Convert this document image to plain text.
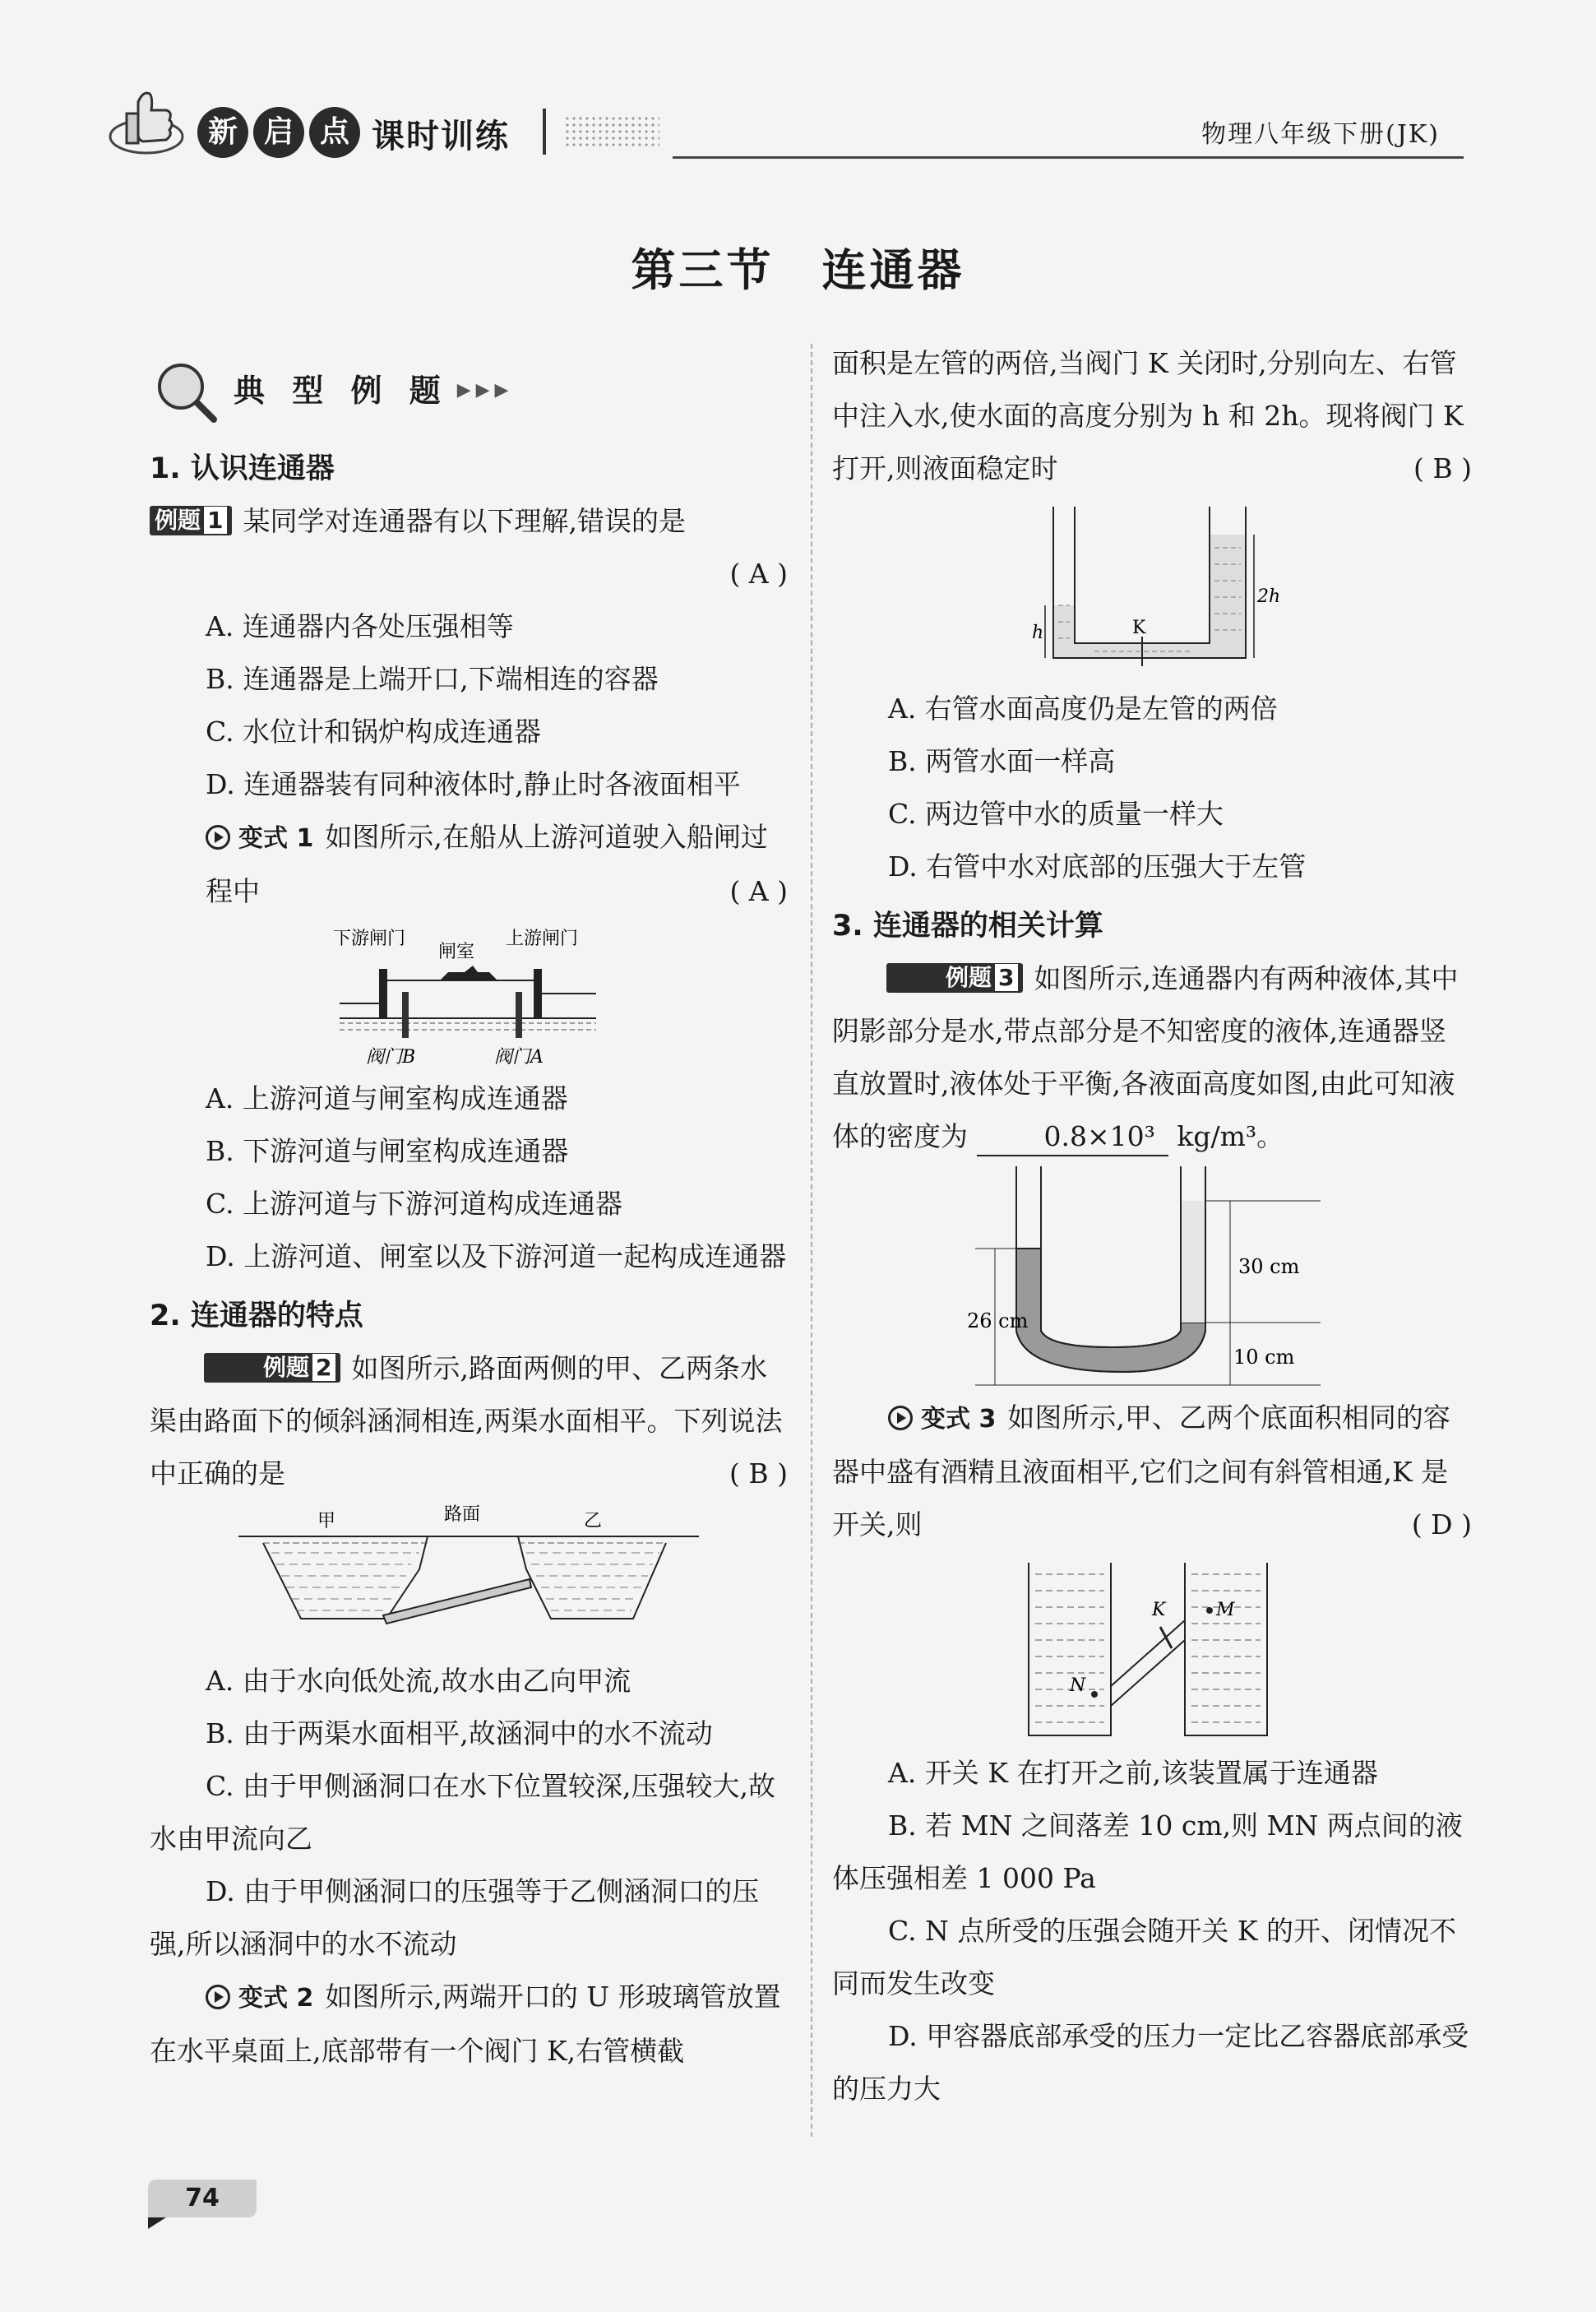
新 启 点 课时训练	物理八年级下册(JK)
第三节　连通器
典 型 例 题 ▶▶▶
1. 认识连通器
例题 1 某同学对连通器有以下理解,错误的是
( A )
A. 连通器内各处压强相等
B. 连通器是上端开口,下端相连的容器
C. 水位计和锅炉构成连通器
D. 连通器装有同种液体时,静止时各液面相平
变式 1 如图所示,在船从上游河道驶入船闸过程中	( A )
下游闸门
闸室
上游闸门
阀门B	阀门A
A. 上游河道与闸室构成连通器
B. 下游河道与闸室构成连通器
C. 上游河道与下游河道构成连通器
D. 上游河道、闸室以及下游河道一起构成连通器
2. 连通器的特点
例题 2 如图所示,路面两侧的甲、乙两条水渠由路面下的倾斜涵洞相连,两渠水面相平。下列说法中正确的是	( B )
甲	路面	乙
A. 由于水向低处流,故水由乙向甲流
B. 由于两渠水面相平,故涵洞中的水不流动
C. 由于甲侧涵洞口在水下位置较深,压强较大,故水由甲流向乙
D. 由于甲侧涵洞口的压强等于乙侧涵洞口的压强,所以涵洞中的水不流动
变式 2 如图所示,两端开口的 U 形玻璃管放置在水平桌面上,底部带有一个阀门 K,右管横截
面积是左管的两倍,当阀门 K 关闭时,分别向左、右管中注入水,使水面的高度分别为 h 和 2h。现将阀门 K 打开,则液面稳定时	( B )
K
h
2h
A. 右管水面高度仍是左管的两倍
B. 两管水面一样高
C. 两边管中水的质量一样大
D. 右管中水对底部的压强大于左管
3. 连通器的相关计算
例题 3 如图所示,连通器内有两种液体,其中阴影部分是水,带点部分是不知密度的液体,连通器竖直放置时,液体处于平衡,各液面高度如图,由此可知液体的密度为	0.8×10³ kg/m³。
30 cm
26 cm
10 cm
变式 3 如图所示,甲、乙两个底面积相同的容器中盛有酒精且液面相平,它们之间有斜管相通,K 是开关,则	( D )
K	M
N
A. 开关 K 在打开之前,该装置属于连通器
B. 若 MN 之间落差 10 cm,则 MN 两点间的液体压强相差 1 000 Pa
C. N 点所受的压强会随开关 K 的开、闭情况不同而发生改变
D. 甲容器底部承受的压力一定比乙容器底部承受的压力大
74
